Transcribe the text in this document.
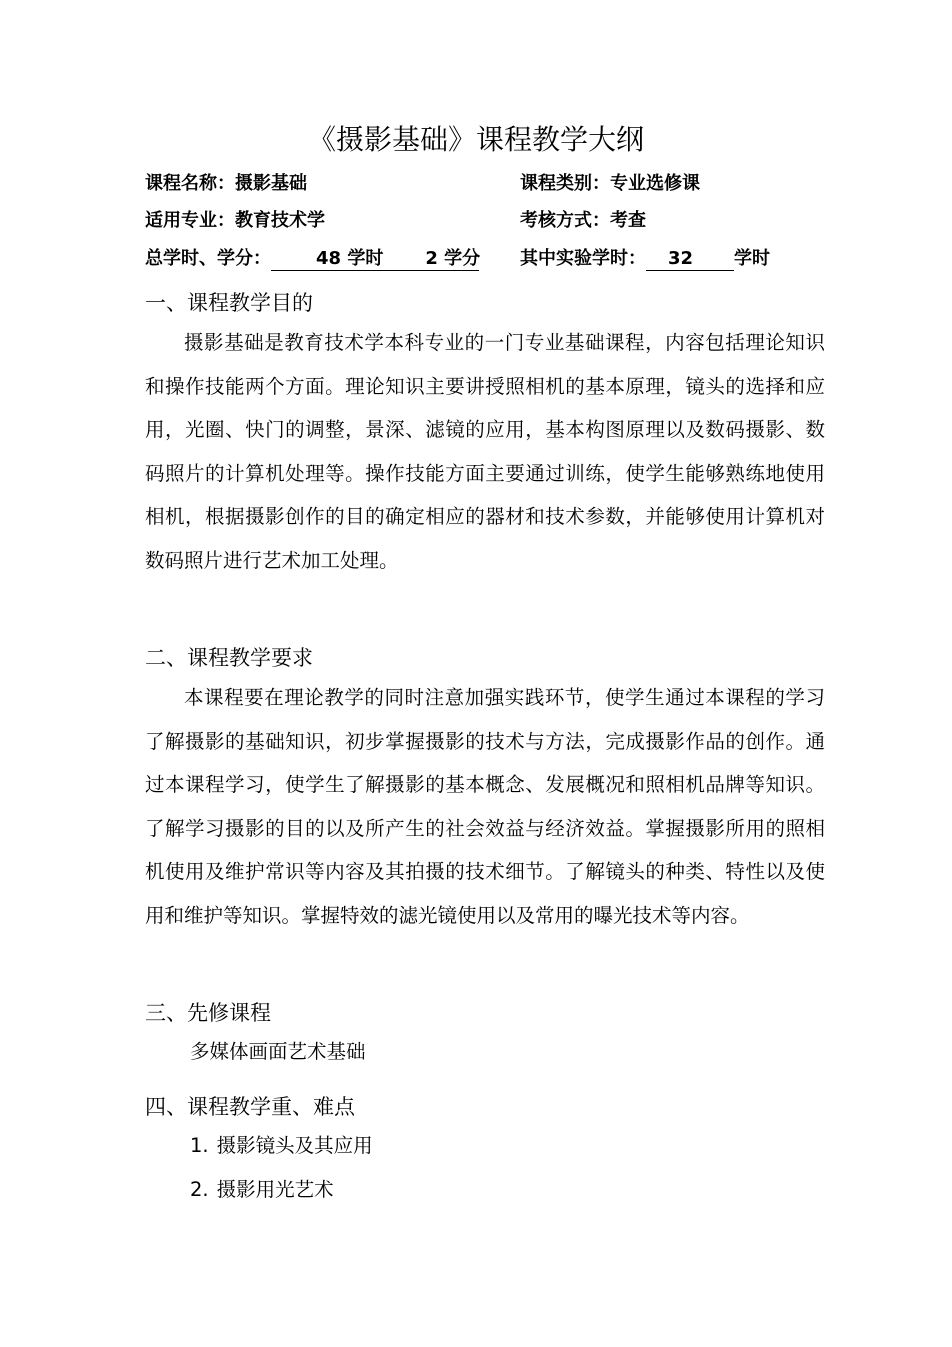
《摄影基础》课程教学大纲
课程名称：摄影基础	课程类别：专业选修课
适用专业：教育技术学	考核方式：考查
总学时、学分：	48 学时 2 学分 其中实验学时： 32 学时
一、课程教学目的

摄影基础是教育技术学本科专业的一门专业基础课程，内容包括理论知识和操作技能两个方面。理论知识主要讲授照相机的基本原理，镜头的选择和应用，光圈、快门的调整，景深、滤镜的应用，基本构图原理以及数码摄影、数码照片的计算机处理等。操作技能方面主要通过训练，使学生能够熟练地使用相机，根据摄影创作的目的确定相应的器材和技术参数，并能够使用计算机对数码照片进行艺术加工处理。

二、课程教学要求

本课程要在理论教学的同时注意加强实践环节，使学生通过本课程的学习了解摄影的基础知识，初步掌握摄影的技术与方法，完成摄影作品的创作。通过本课程学习，使学生了解摄影的基本概念、发展概况和照相机品牌等知识。了解学习摄影的目的以及所产生的社会效益与经济效益。掌握摄影所用的照相机使用及维护常识等内容及其拍摄的技术细节。了解镜头的种类、特性以及使用和维护等知识。掌握特效的滤光镜使用以及常用的曝光技术等内容。

三、先修课程
多媒体画面艺术基础
四、课程教学重、难点
1. 摄影镜头及其应用
2. 摄影用光艺术
